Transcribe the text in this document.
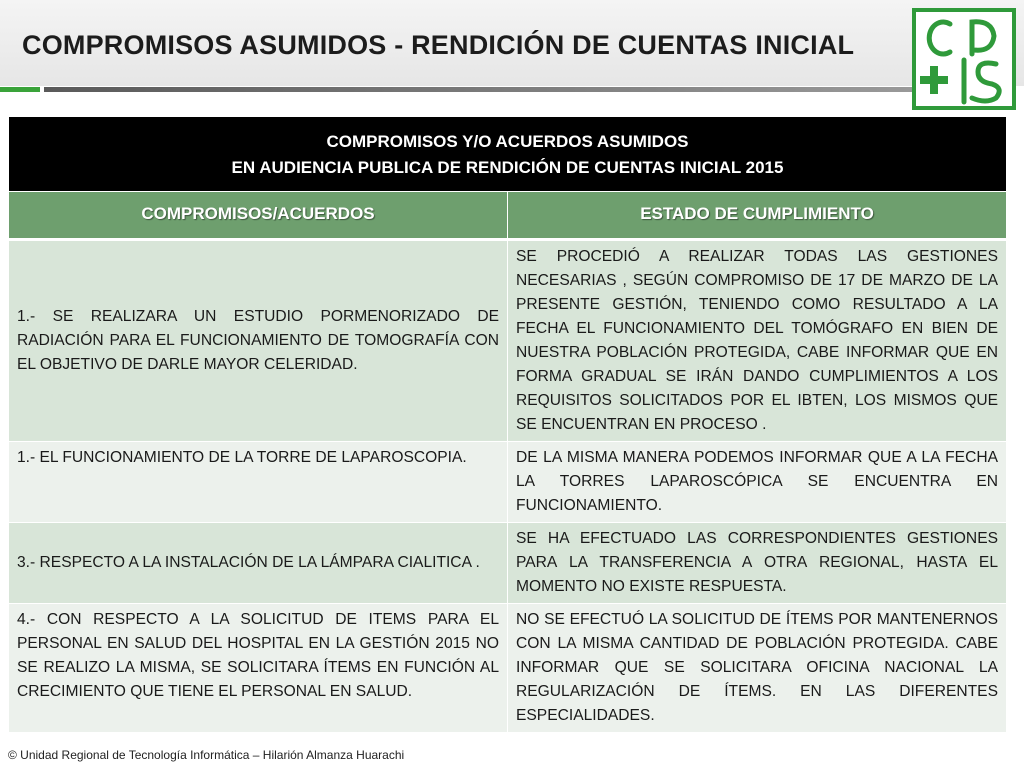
COMPROMISOS ASUMIDOS - RENDICIÓN DE CUENTAS INICIAL
COMPROMISOS Y/O ACUERDOS ASUMIDOS
EN AUDIENCIA PUBLICA DE RENDICIÓN DE CUENTAS INICIAL 2015	

COMPROMISOS/ACUERDOS	ESTADO DE CUMPLIMIENTO
1.- SE REALIZARA UN ESTUDIO PORMENORIZADO DE RADIACIÓN PARA EL FUNCIONAMIENTO DE TOMOGRAFÍA CON EL OBJETIVO DE DARLE MAYOR CELERIDAD.	SE PROCEDIÓ A REALIZAR TODAS LAS GESTIONES NECESARIAS , SEGÚN COMPROMISO DE 17 DE MARZO DE LA PRESENTE GESTIÓN, TENIENDO COMO RESULTADO A LA FECHA EL FUNCIONAMIENTO DEL TOMÓGRAFO EN BIEN DE NUESTRA POBLACIÓN PROTEGIDA, CABE INFORMAR QUE EN FORMA GRADUAL SE IRÁN DANDO CUMPLIMIENTOS A LOS REQUISITOS SOLICITADOS POR EL IBTEN, LOS MISMOS QUE SE ENCUENTRAN EN PROCESO .
1.- EL FUNCIONAMIENTO DE LA TORRE DE LAPAROSCOPIA.	DE LA MISMA MANERA PODEMOS INFORMAR QUE A LA FECHA LA TORRES LAPAROSCÓPICA SE ENCUENTRA EN FUNCIONAMIENTO.
3.- RESPECTO A LA INSTALACIÓN DE LA LÁMPARA CIALITICA .	SE HA EFECTUADO LAS CORRESPONDIENTES GESTIONES PARA LA TRANSFERENCIA A OTRA REGIONAL, HASTA EL MOMENTO NO EXISTE RESPUESTA.
4.- CON RESPECTO A LA SOLICITUD DE ITEMS PARA EL PERSONAL EN SALUD DEL HOSPITAL EN LA GESTIÓN 2015 NO SE REALIZO LA MISMA, SE SOLICITARA ÍTEMS EN FUNCIÓN AL CRECIMIENTO QUE TIENE EL PERSONAL EN SALUD.	NO SE EFECTUÓ LA SOLICITUD DE ÍTEMS POR MANTENERNOS CON LA MISMA CANTIDAD DE POBLACIÓN PROTEGIDA. CABE INFORMAR QUE SE SOLICITARA OFICINA NACIONAL LA REGULARIZACIÓN DE ÍTEMS. EN LAS DIFERENTES ESPECIALIDADES.
© Unidad Regional de Tecnología Informática – Hilarión Almanza Huarachi
